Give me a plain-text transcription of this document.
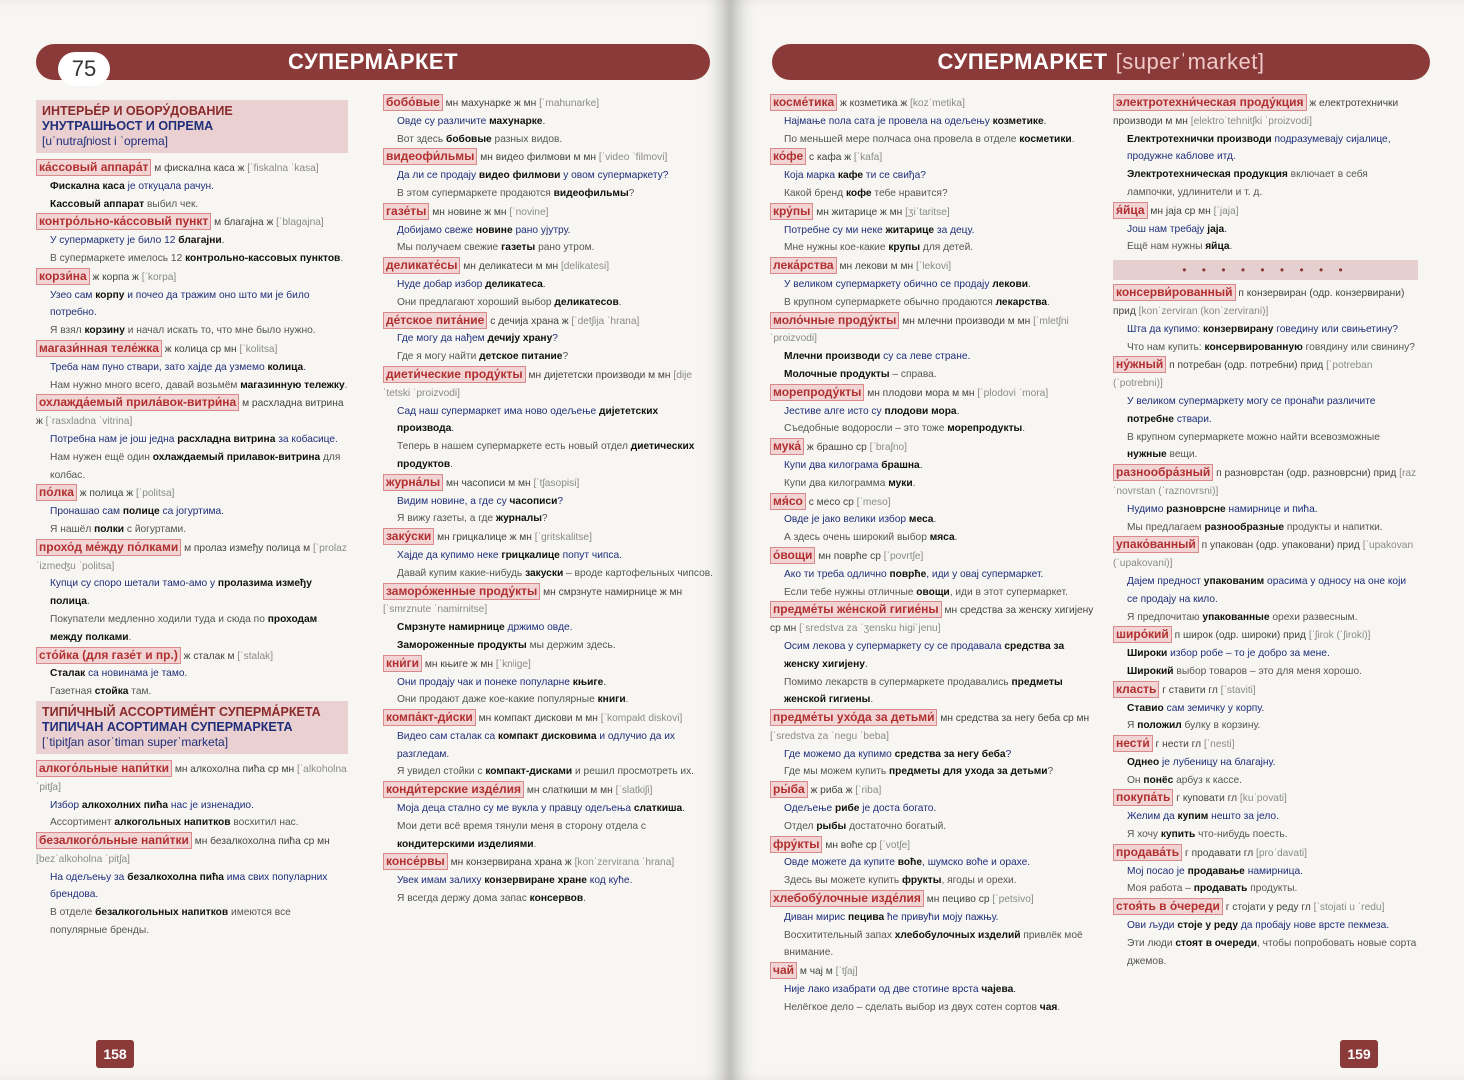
СУПЕРМА̀РКЕТ
75
ИНТЕРЬЕ́Р И ОБОРУ́ДОВАНИЕ
УНУТРАШЊОСТ И ОПРЕМА
[uˈnutraʃnʲost i ˈoprema]
ка́ссовый аппара́т м фискална каса ж [ˈfiskalna ˈkasa]
Фискална каса је откуцала рачун.
Кассовый аппарат выбил чек.
контро́льно-ка́ссовый пункт м благајна ж [ˈblagajna]
У супермаркету је било 12 благајни.
В супермаркете имелось 12 контрольно-кассовых пунктов.
корзи́на ж корпа ж [ˈkorpa]
Узео сам корпу и почео да тражим оно што ми је било потребно.
Я взял корзину и начал искать то, что мне было нужно.
магази́нная теле́жка ж колица ср мн [ˈkolitsa]
Треба нам пуно ствари, зато хајде да узмемо колица.
Нам нужно много всего, давай возьмём магазинную тележку.
охлажда́емый прила́вок-витри́на м расхладна витрина ж [ˈrasxladna ˈvitrina]
Потребна нам је још једна расхладна витрина за кобасице.
Нам нужен ещё один охлаждаемый прилавок-витрина для колбас.
по́лка ж полица ж [ˈpolitsa]
Пронашао сам полице са јогуртима.
Я нашёл полки с йогуртами.
прохо́д ме́жду по́лками м пролаз између полица м [ˈprolaz ˈizmeʤu ˈpolitsa]
Купци су споро шетали тамо-амо у пролазима између полица.
Покупатели медленно ходили туда и сюда по проходам между полками.
сто́йка (для газе́т и пр.) ж сталак м [ˈstalak]
Сталак са новинама је тамо.
Газетная стойка там.
ТИПИ́ЧНЫЙ АССОРТИМЕ́НТ СУПЕРМА́РКЕТА
ТИПИЧАН АСОРТИМАН СУПЕРМАРКЕТА
[ˈtipitʃan asorˈtiman superˈmarketa]
алкого́льные напи́тки мн алкохолна пића ср мн [ˈalkoholna ˈpitʃa]
Избор алкохолних пића нас је изненадио.
Ассортимент алкогольных напитков восхитил нас.
безалкого́льные напи́тки мн безалкохолна пића ср мн [bezˈalkoholna ˈpitʃa]
На одељењу за безалкохолна пића има свих популарних брендова.
В отделе безалкогольных напитков имеются все популярные бренды.
бобо́вые мн махунарке ж мн [ˈmahunarke]
Овде су различите махунарке.
Вот здесь бобовые разных видов.
видеофи́льмы мн видео филмови м мн [ˈvideo ˈfilmovi]
Да ли се продају видео филмови у овом супермаркету?
В этом супермаркете продаются видеофильмы?
газе́ты мн новине ж мн [ˈnovine]
Добијамо свеже новине рано ујутру.
Мы получаем свежие газеты рано утром.
деликате́сы мн деликатеси м мн [delikatesi]
Нуде добар избор деликатеса.
Они предлагают хороший выбор деликатесов.
де́тское пита́ние с дечија храна ж [ˈdetʃija ˈhrana]
Где могу да нађем дечију храну?
Где я могу найти детское питание?
диети́ческие проду́кты мн дијететски производи м мн [dijeˈtetski ˈproizvodi]
Сад наш супермаркет има ново одељење дијететских производа.
Теперь в нашем супермаркете есть новый отдел диетических продуктов.
журна́лы мн часописи м мн [ˈtʃasopisi]
Видим новине, а где су часописи?
Я вижу газеты, а где журналы?
заку́ски мн грицкалице ж мн [ˈgritskalitse]
Хајде да купимо неке грицкалице попут чипса.
Давай купим какие-нибудь закуски – вроде картофельных чипсов.
заморо́женные проду́кты мн смрзнуте намирнице ж мн [ˈsmrznute ˈnamirnitse]
Смрзнуте намирнице држимо овде.
Замороженные продукты мы держим здесь.
кни́ги мн књиге ж мн [ˈknʲige]
Они продају чак и понеке популарне књиге.
Они продают даже кое-какие популярные книги.
компа́кт-ди́ски мн компакт дискови м мн [ˈkompakt diskovi]
Видео сам сталак са компакт дисковима и одлучио да их разгледам.
Я увидел стойки с компакт-дисками и решил просмотреть их.
конди́терские изде́лия мн слаткиши м мн [ˈslatkiʃi]
Моја деца стално су ме вукла у правцу одељења слаткиша.
Мои дети всё время тянули меня в сторону отдела с кондитерскими изделиями.
консе́рвы мн конзервирана храна ж [konˈzervirana ˈhrana]
Увек имам залиху конзервиране хране код куће.
Я всегда держу дома запас консервов.
158
СУПЕРМАРКЕТ [superˈmarket]
косме́тика ж козметика ж [kozˈmetika]
Најмање пола сата је провела на одељењу козметике.
По меньшей мере полчаса она провела в отделе косметики.
ко́фе с кафа ж [ˈkafa]
Која марка кафе ти се свиђа?
Какой бренд кофе тебе нравится?
кру́пы мн житарице ж мн [ʒiˈtaritse]
Потребне су ми неке житарице за децу.
Мне нужны кое-какие крупы для детей.
лека́рства мн лекови м мн [ˈlekovi]
У великом супермаркету обично се продају лекови.
В крупном супермаркете обычно продаются лекарства.
моло́чные проду́кты мн млечни производи м мн [ˈmletʃni ˈproizvodi]
Млечни производи су са леве стране.
Молочные продукты – справа.
морепроду́кты мн плодови мора м мн [ˈplodovi ˈmora]
Јестиве алге исто су плодови мора.
Съедобные водоросли – это тоже морепродукты.
мука́ ж брашно ср [ˈbraʃno]
Купи два килограма брашна.
Купи два килограмма муки.
мя́со с месо ср [ˈmeso]
Овде је јако велики избор меса.
А здесь очень широкий выбор мяса.
о́вощи мн поврће ср [ˈpovrtʃe]
Ако ти треба одлично поврће, иди у овај супермаркет.
Если тебе нужны отличные овощи, иди в этот супермаркет.
предме́ты же́нской гигие́ны мн средства за женску хигијену ср мн [ˈsredstva za ˈʒensku higiˈjenu]
Осим лекова у супермаркету су се продавала средства за женску хигијену.
Помимо лекарств в супермаркете продавались предметы женской гигиены.
предме́ты ухо́да за детьми́ мн средства за негу беба ср мн [ˈsredstva za ˈnegu ˈbeba]
Где можемо да купимо средства за негу беба?
Где мы можем купить предметы для ухода за детьми?
ры́ба ж риба ж [ˈriba]
Одељење рибе је доста богато.
Отдел рыбы достаточно богатый.
фру́кты мн воће ср [ˈvotʃe]
Овде можете да купите воће, шумско воће и орахе.
Здесь вы можете купить фрукты, ягоды и орехи.
хлебобу́лочные изде́лия мн пециво ср [ˈpetsivo]
Диван мирис пецива ће привући моју пажњу.
Восхитительный запах хлебобулочных изделий привлёк моё внимание.
чай м чај м [ˈtʃaj]
Није лако изабрати од две стотине врста чајева.
Нелёгкое дело – сделать выбор из двух сотен сортов чая.
электротехни́ческая проду́кция ж електротехнички производи м мн [elektroˈtehnitʃki ˈproizvodi]
Електротехнички производи подразумевају сијалице, продужне каблове итд.
Электротехническая продукция включает в себя лампочки, удлинители и т. д.
я́йца мн јаја ср мн [ˈjaja]
Још нам требају јаја.
Ещё нам нужны яйца.
• • • • • • • • •
консерви́рованный п конзервиран (одр. конзервирани) прид [konˈzerviran (konˈzervirani)]
Шта да купимо: конзервирану говедину или свињетину?
Что нам купить: консервированную говядину или свинину?
ну́жный п потребан (одр. потребни) прид [ˈpotreban (ˈpotrebni)]
У великом супермаркету могу се пронаћи различите потребне ствари.
В крупном супермаркете можно найти всевозможные нужные вещи.
разнообра́зный п разноврстан (одр. разноврсни) прид [razˈnovrstan (ˈraznovrsni)]
Нудимо разноврсне намирнице и пића.
Мы предлагаем разнообразные продукты и напитки.
упако́ванный п упакован (одр. упаковани) прид [ˈupakovan (ˈupakovani)]
Дајем предност упакованим орасима у односу на оне који се продају на кило.
Я предпочитаю упакованные орехи развесным.
широ́кий п широк (одр. широки) прид [ˈʃirok (ˈʃiroki)]
Широки избор робе – то је добро за мене.
Широкий выбор товаров – это для меня хорошо.
класть г ставити гл [ˈstaviti]
Ставио сам земичку у корпу.
Я положил булку в корзину.
нести́ г нести гл [ˈnesti]
Однео је лубеницу на благајну.
Он понёс арбуз к кассе.
покупа́ть г куповати гл [kuˈpovati]
Желим да купим нешто за јело.
Я хочу купить что-нибудь поесть.
продава́ть г продавати гл [proˈdavati]
Мој посао је продавање намирница.
Моя работа – продавать продукты.
стоя́ть в о́череди г стојати у реду гл [ˈstojati u ˈredu]
Ови људи стоје у реду да пробају нове врсте пекмеза.
Эти люди стоят в очереди, чтобы попробовать новые сорта джемов.
159
